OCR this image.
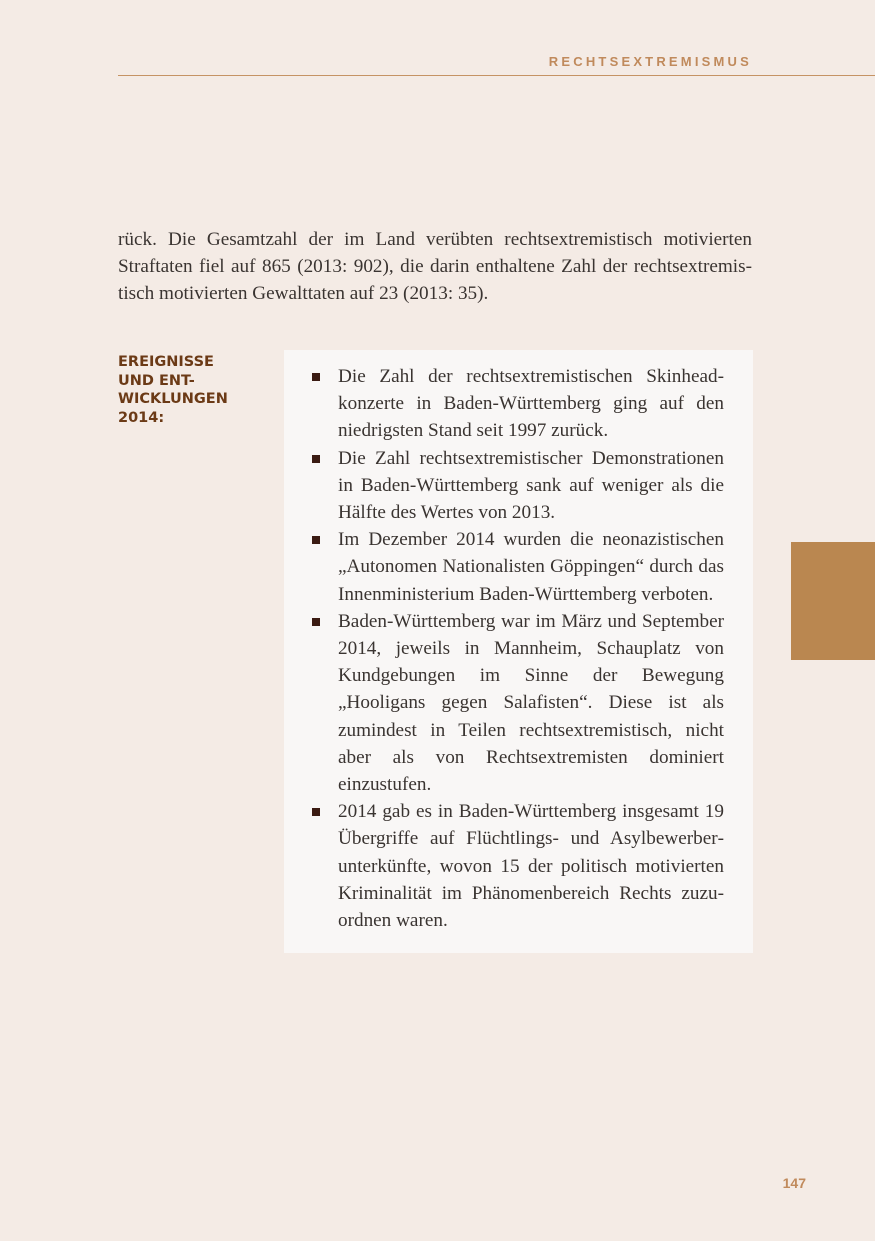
RECHTSEXTREMISMUS

rück. Die Gesamtzahl der im Land verübten rechtsextremistisch motivierten Straftaten fiel auf 865 (2013: 902), die darin enthaltene Zahl der rechtsextremistisch motivierten Gewalttaten auf 23 (2013: 35).

EREIGNISSE
UND ENT-
WICKLUNGEN
2014:
Die Zahl der rechtsextremistischen Skinheadkonzerte in Baden-Württemberg ging auf den niedrigsten Stand seit 1997 zurück.
Die Zahl rechtsextremistischer Demonstrationen in Baden-Württemberg sank auf weniger als die Hälfte des Wertes von 2013.
Im Dezember 2014 wurden die neonazistischen „Autonomen Nationalisten Göppingen“ durch das Innenministerium Baden-Württemberg verboten.
Baden-Württemberg war im März und September 2014, jeweils in Mannheim, Schauplatz von Kundgebungen im Sinne der Bewegung „Hooligans gegen Salafisten“. Diese ist als zumindest in Teilen rechtsextremistisch, nicht aber als von Rechtsextremisten dominiert einzustufen.
2014 gab es in Baden-Württemberg insgesamt 19 Übergriffe auf Flüchtlings- und Asylbewerberunterkünfte, wovon 15 der politisch motivierten Kriminalität im Phänomenbereich Rechts zuzuordnen waren.
147
